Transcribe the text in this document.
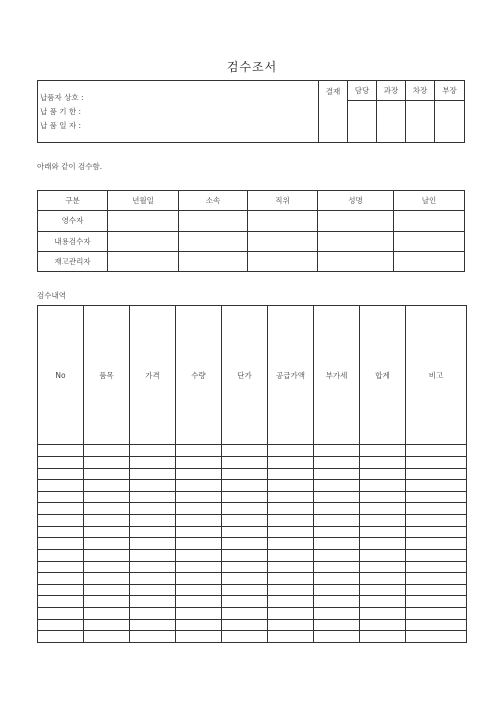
검수조서
납품자 상호 :
납 품 기 한 :
납 품 일 자 :	결재	담당	과장	차장	부장

아래와 같이 검수함.
구분	년월일	소속	직위	성명	날인
영수자					
내용검수자					
재고관리자					
검수내역
No	품목	가격	수량	단가	공급가액	부가세	합계	비고
